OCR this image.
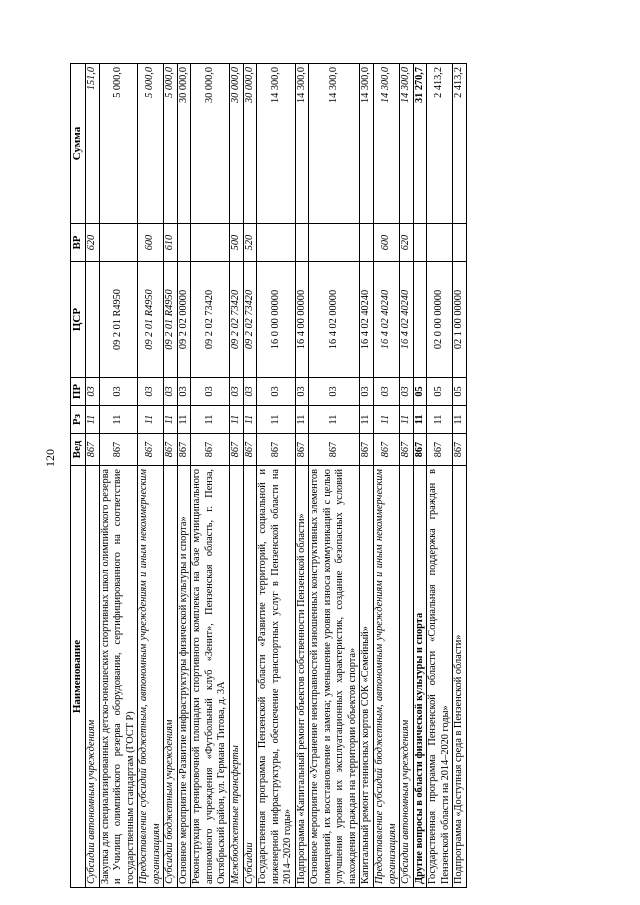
120
Наименование	Вед	Рз	ПР	ЦСР	ВР	Сумма
Субсидии автономным учреждениям	867	11	03		620	151,0
Закупка для специализированных детско-юношеских спортивных школ олимпийского резерва и Училищ олимпийского резерва оборудования, сертифицированного на соответствие государственным стандартам (ГОСТ Р)	867	11	03	09 2 01 R4950		5 000,0
Предоставление субсидий бюджетным, автономным учреждениям и иным некоммерческим организациям	867	11	03	09 2 01 R4950	600	5 000,0
Субсидии бюджетным учреждениям	867	11	03	09 2 01 R4950	610	5 000,0
Основное мероприятие «Развитие инфраструктуры физической культуры и спорта»	867	11	03	09 2 02 00000		30 000,0
Реконструкция тренировочной площадки спортивного комплекса на базе муниципального автономного учреждения «Футбольный клуб «Зенит», Пензенская область, г. Пенза, Октябрьский район, ул. Германа Титова, д. 3А	867	11	03	09 2 02 73420		30 000,0
Межбюджетные трансферты	867	11	03	09 2 02 73420	500	30 000,0
Субсидии	867	11	03	09 2 02 73420	520	30 000,0
Государственная программа Пензенской области «Развитие территорий, социальной и инженерной инфраструктуры, обеспечение транспортных услуг в Пензенской области на 2014–2020 годы»	867	11	03	16 0 00 00000		14 300,0
Подпрограмма «Капитальный ремонт объектов собственности Пензенской области»	867	11	03	16 4 00 00000		14 300,0
Основное мероприятие «Устранение неисправностей изношенных конструктивных элементов помещений, их восстановление и замена; уменьшение уровня износа коммуникаций с целью улучшения уровня их эксплуатационных характеристик, создание безопасных условий нахождения граждан на территории объектов спорта»	867	11	03	16 4 02 00000		14 300,0
Капитальный ремонт теннисных кортов СОК «Семейный»	867	11	03	16 4 02 40240		14 300,0
Предоставление субсидий бюджетным, автономным учреждениям и иным некоммерческим организациям	867	11	03	16 4 02 40240	600	14 300,0
Субсидии автономным учреждениям	867	11	03	16 4 02 40240	620	14 300,0
Другие вопросы в области физической культуры и спорта	867	11	05			31 270,7
Государственная программа Пензенской области «Социальная поддержка граждан в Пензенской области на 2014–2020 годы»	867	11	05	02 0 00 00000		2 413,2
Подпрограмма «Доступная среда в Пензенской области»	867	11	05	02 1 00 00000		2 413,2
